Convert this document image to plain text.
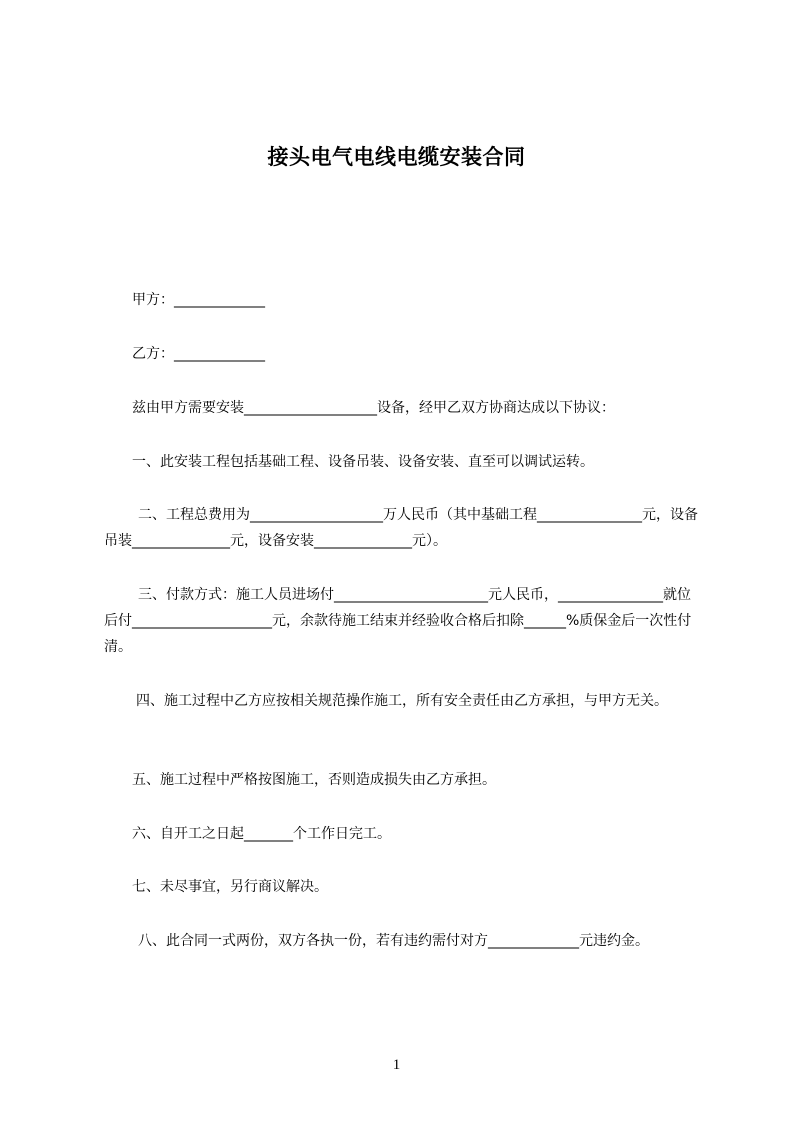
接头电气电线电缆安装合同

甲方：_____________

乙方：_____________

兹由甲方需要安装___________________设备，经甲乙双方协商达成以下协议：

一、此安装工程包括基础工程、设备吊装、设备安装、直至可以调试运转。

二、工程总费用为___________________万人民币（其中基础工程_______________元，设备吊装______________元，设备安装______________元）。

三、付款方式：施工人员进场付______________________元人民币，_______________就位后付____________________元，余款待施工结束并经验收合格后扣除______%质保金后一次性付清。

四、施工过程中乙方应按相关规范操作施工，所有安全责任由乙方承担，与甲方无关。

五、施工过程中严格按图施工，否则造成损失由乙方承担。

六、自开工之日起_______个工作日完工。

七、未尽事宜，另行商议解决。

八、此合同一式两份，双方各执一份，若有违约需付对方_____________元违约金。

1
